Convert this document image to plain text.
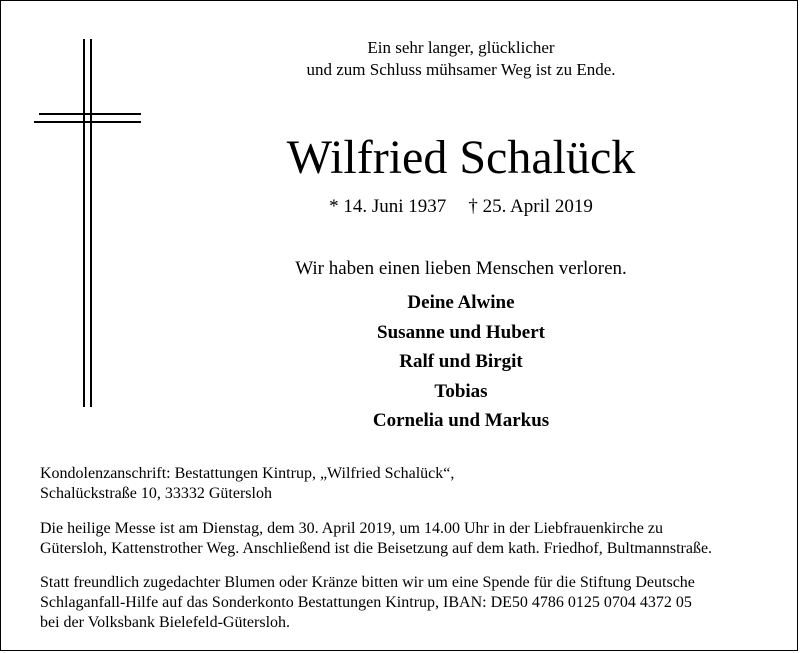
Ein sehr langer, glücklicher
und zum Schluss mühsamer Weg ist zu Ende.
Wilfried Schalück
* 14. Juni 1937 † 25. April 2019
Wir haben einen lieben Menschen verloren.
Deine Alwine
Susanne und Hubert
Ralf und Birgit
Tobias
Cornelia und Markus
Kondolenzanschrift: Bestattungen Kintrup, „Wilfried Schalück“,
Schalückstraße 10, 33332 Gütersloh
Die heilige Messe ist am Dienstag, dem 30. April 2019, um 14.00 Uhr in der Liebfrauenkirche zu
Gütersloh, Kattenstrother Weg. Anschließend ist die Beisetzung auf dem kath. Friedhof, Bultmannstraße.
Statt freundlich zugedachter Blumen oder Kränze bitten wir um eine Spende für die Stiftung Deutsche
Schlaganfall-Hilfe auf das Sonderkonto Bestattungen Kintrup, IBAN: DE50 4786 0125 0704 4372 05
bei der Volksbank Bielefeld-Gütersloh.
